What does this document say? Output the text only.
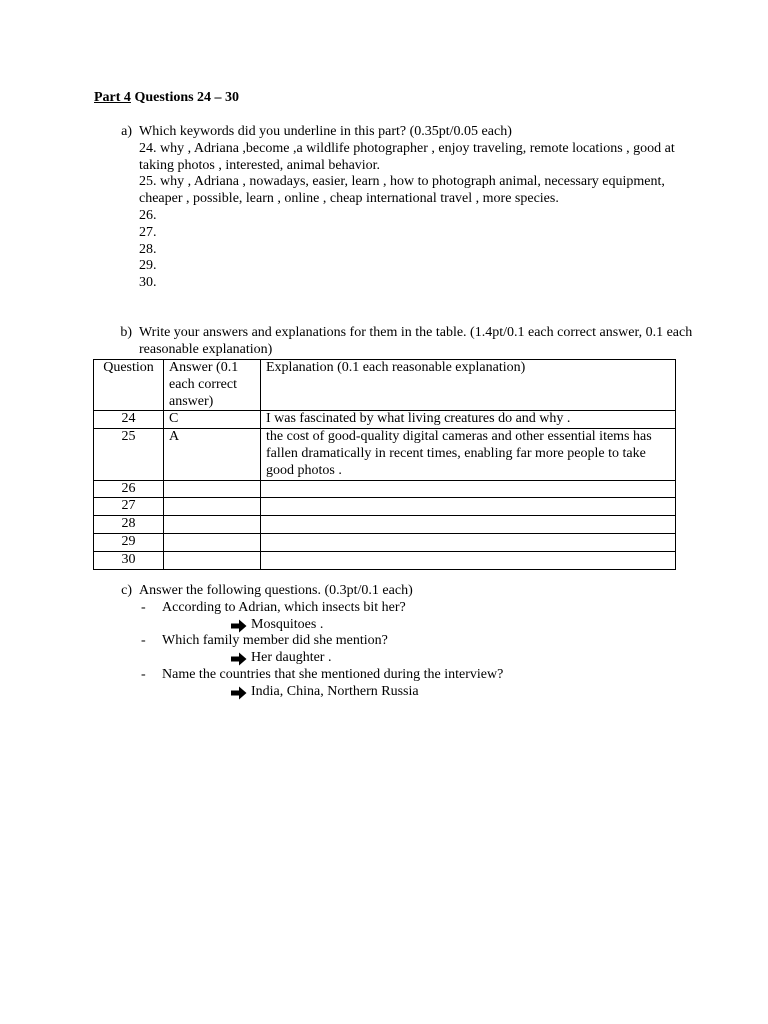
Part 4 Questions 24 – 30
a) Which keywords did you underline in this part? (0.35pt/0.05 each)
24. why , Adriana ,become ,a wildlife photographer , enjoy traveling, remote locations , good at taking photos , interested, animal behavior.
25. why , Adriana , nowadays, easier, learn , how to photograph animal, necessary equipment, cheaper , possible, learn , online , cheap international travel , more species.
26.
27.
28.
29.
30.
b) Write your answers and explanations for them in the table. (1.4pt/0.1 each correct answer, 0.1 each reasonable explanation)
Question	Answer (0.1 each correct answer)	Explanation (0.1 each reasonable explanation)
24	C	I was fascinated by what living creatures do and why .
25	A	the cost of good-quality digital cameras and other essential items has fallen dramatically in recent times, enabling far more people to take good photos .
26		
27		
28		
29		
30		
c) Answer the following questions. (0.3pt/0.1 each)
-	According to Adrian, which insects bit her?
Mosquitoes .
-	Which family member did she mention?
Her daughter .
-	Name the countries that she mentioned during the interview?
India, China, Northern Russia
